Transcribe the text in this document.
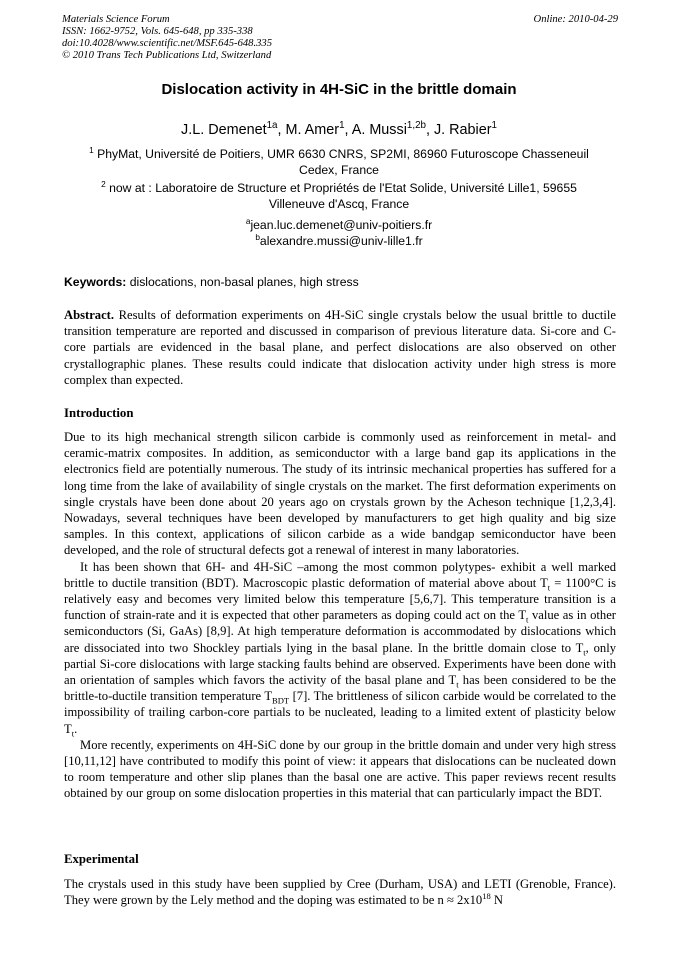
Materials Science Forum
ISSN: 1662-9752, Vols. 645-648, pp 335-338
doi:10.4028/www.scientific.net/MSF.645-648.335
© 2010 Trans Tech Publications Ltd, Switzerland
Online: 2010-04-29
Dislocation activity in 4H-SiC in the brittle domain
J.L. Demenet$^{1a}$, M. Amer$^1$, A. Mussi$^{1,2b}$, J. Rabier$^1$
$^1$ PhyMat, Université de Poitiers, UMR 6630 CNRS, SP2MI, 86960 Futuroscope Chasseneuil Cedex, France
$^2$ now at : Laboratoire de Structure et Propriétés de l'Etat Solide, Université Lille1, 59655 Villeneuve d'Ascq, France
$^a$jean.luc.demenet@univ-poitiers.fr
$^b$alexandre.mussi@univ-lille1.fr
Keywords: dislocations, non-basal planes, high stress
Abstract. Results of deformation experiments on 4H-SiC single crystals below the usual brittle to ductile transition temperature are reported and discussed in comparison of previous literature data. Si-core and C-core partials are evidenced in the basal plane, and perfect dislocations are also observed on other crystallographic planes. These results could indicate that dislocation activity under high stress is more complex than expected.
Introduction

Due to its high mechanical strength silicon carbide is commonly used as reinforcement in metal- and ceramic-matrix composites. In addition, as semiconductor with a large band gap its applications in the electronics field are potentially numerous. The study of its intrinsic mechanical properties has suffered for a long time from the lake of availability of single crystals on the market. The first deformation experiments on single crystals have been done about 20 years ago on crystals grown by the Acheson technique [1,2,3,4]. Nowadays, several techniques have been developed by manufacturers to get high quality and big size samples. In this context, applications of silicon carbide as a wide bandgap semiconductor have been developed, and the role of structural defects got a renewal of interest in many laboratories.

It has been shown that 6H- and 4H-SiC –among the most common polytypes- exhibit a well marked brittle to ductile transition (BDT). Macroscopic plastic deformation of material above about $T_t = 1100^\circ C$ is relatively easy and becomes very limited below this temperature [5,6,7]. This temperature transition is a function of strain-rate and it is expected that other parameters as doping could act on the $T_t$ value as in other semiconductors (Si, GaAs) [8,9]. At high temperature deformation is accommodated by dislocations which are dissociated into two Shockley partials lying in the basal plane. In the brittle domain close to $T_t$, only partial Si-core dislocations with large stacking faults behind are observed. Experiments have been done with an orientation of samples which favors the activity of the basal plane and $T_t$ has been considered to be the brittle-to-ductile transition temperature $T_{BDT}$ [7]. The brittleness of silicon carbide would be correlated to the impossibility of trailing carbon-core partials to be nucleated, leading to a limited extent of plasticity below $T_t$.

More recently, experiments on 4H-SiC done by our group in the brittle domain and under very high stress [10,11,12] have contributed to modify this point of view: it appears that dislocations can be nucleated down to room temperature and other slip planes than the basal one are active. This paper reviews recent results obtained by our group on some dislocation properties in this material that can particularly impact the BDT.

Experimental
The crystals used in this study have been supplied by Cree (Durham, USA) and LETI (Grenoble, France). They were grown by the Lely method and the doping was estimated to be $n \approx 2x10^{18}$ N
